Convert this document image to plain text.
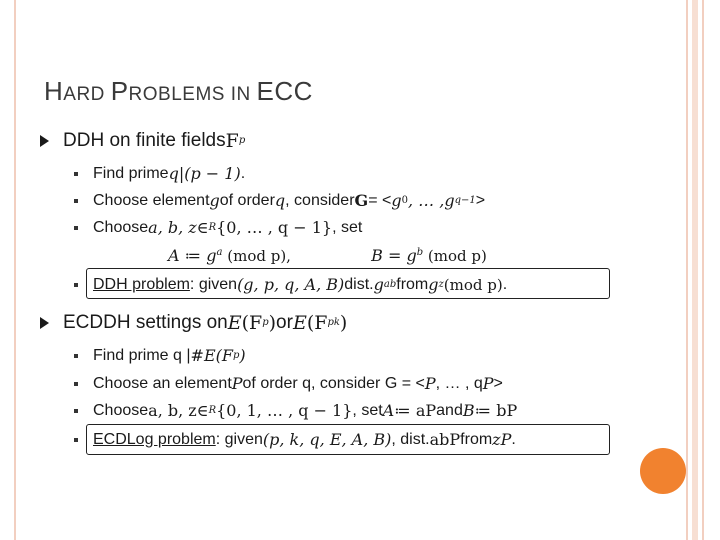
HARD PROBLEMS IN ECC
DDH on finite fields F p
Find prime q|(p − 1) .
Choose element g of order q , consider G = < g 0 , … , g q−1 >
Choose a, b, z ∈ R {0, … , q − 1} , set
A ≔ $g^a$ (mod p),	$B = g^b$ (mod p)
DDH problem : given (g, p, q, A, B) dist. g ab from g z (mod p) .
ECDDH settings on E (F p ) or E (F p k )
Find prime q | #E(F p )
Choose an element P of order q, consider G = < P , … , q P >
Choose a, b, z ∈ R {0, 1, … , q − 1} , set A ≔ aP and B ≔ bP
ECDLog problem : given (p, k, q, E, A, B) , dist. abP from zP .
